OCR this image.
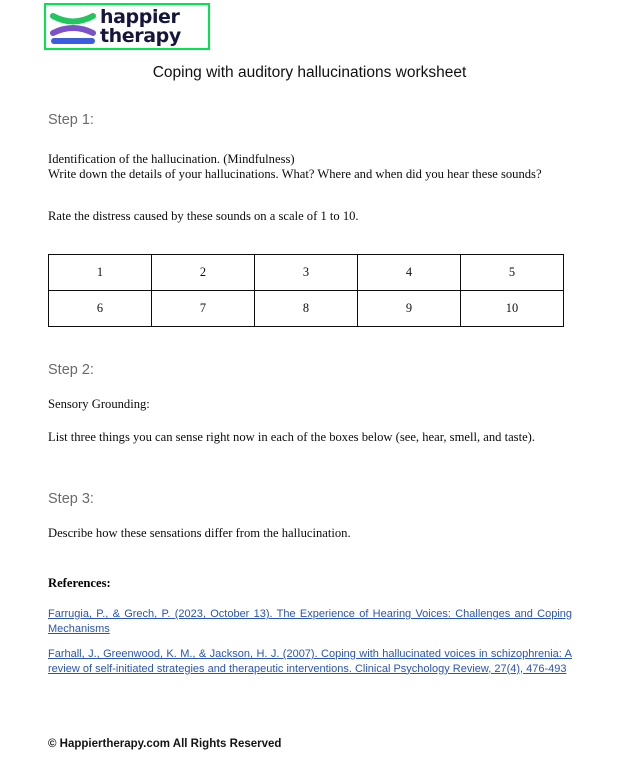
happier
therapy
Coping with auditory hallucinations worksheet
Step 1:
Identification of the hallucination. (Mindfulness)
Write down the details of your hallucinations. What? Where and when did you hear these sounds?
Rate the distress caused by these sounds on a scale of 1 to 10.
1	2	3	4	5
6	7	8	9	10
Step 2:
Sensory Grounding:
List three things you can sense right now in each of the boxes below (see, hear, smell, and taste).
Step 3:
Describe how these sensations differ from the hallucination.
References:
Farrugia, P., & Grech, P. (2023, October 13). The Experience of Hearing Voices: Challenges and Coping Mechanisms
Farhall, J., Greenwood, K. M., & Jackson, H. J. (2007). Coping with hallucinated voices in schizophrenia: A review of self-initiated strategies and therapeutic interventions. Clinical Psychology Review, 27(4), 476-493
© Happiertherapy.com All Rights Reserved
